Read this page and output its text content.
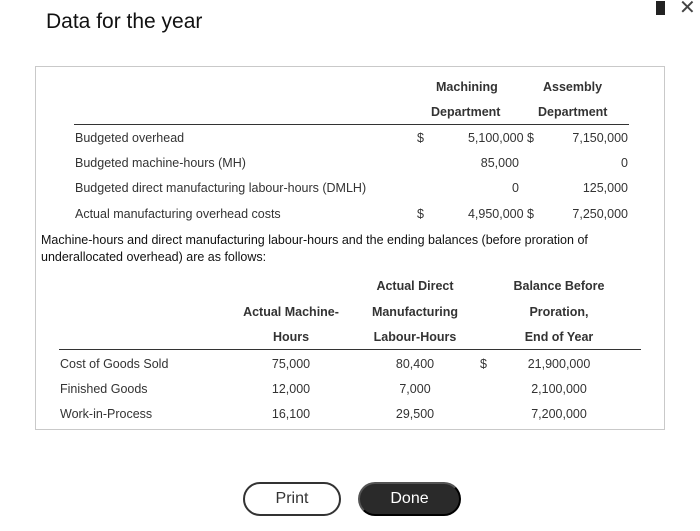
Data for the year
✕
Machining
Department
Assembly
Department
Budgeted overhead	$	5,100,000 $	7,150,000
Budgeted machine-hours (MH)	85,000	0
Budgeted direct manufacturing labour-hours (DMLH)	0	125,000
Actual manufacturing overhead costs	$	4,950,000 $	7,250,000
Machine-hours and direct manufacturing labour-hours and the ending balances (before proration of
underallocated overhead) are as follows:
Actual Machine-
Hours
Actual Direct
Manufacturing
Labour-Hours
Balance Before
Proration,
End of Year
Cost of Goods Sold	75,000	80,400	$	21,900,000
Finished Goods	12,000	7,000	2,100,000
Work-in-Process	16,100	29,500	7,200,000
Print	Done
